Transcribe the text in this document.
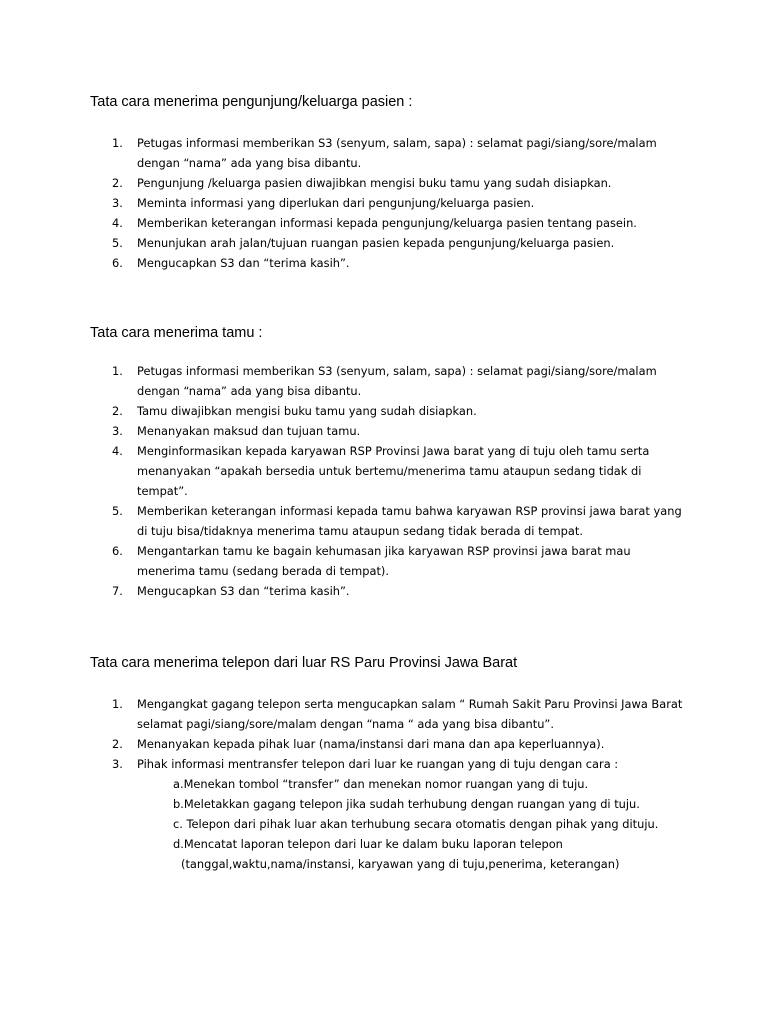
Tata cara menerima pengunjung/keluarga pasien :
1. Petugas informasi memberikan S3 (senyum, salam, sapa) : selamat pagi/siang/sore/malam
dengan “nama” ada yang bisa dibantu.
2. Pengunjung /keluarga pasien diwajibkan mengisi buku tamu yang sudah disiapkan.
3. Meminta informasi yang diperlukan dari pengunjung/keluarga pasien.
4. Memberikan keterangan informasi kepada pengunjung/keluarga pasien tentang pasein.
5. Menunjukan arah jalan/tujuan ruangan pasien kepada pengunjung/keluarga pasien.
6. Mengucapkan S3 dan “terima kasih”.
Tata cara menerima tamu :
1. Petugas informasi memberikan S3 (senyum, salam, sapa) : selamat pagi/siang/sore/malam
dengan “nama” ada yang bisa dibantu.
2. Tamu diwajibkan mengisi buku tamu yang sudah disiapkan.
3. Menanyakan maksud dan tujuan tamu.
4. Menginformasikan kepada karyawan RSP Provinsi Jawa barat yang di tuju oleh tamu serta
menanyakan “apakah bersedia untuk bertemu/menerima tamu ataupun sedang tidak di
tempat”.
5. Memberikan keterangan informasi kepada tamu bahwa karyawan RSP provinsi jawa barat yang
di tuju bisa/tidaknya menerima tamu ataupun sedang tidak berada di tempat.
6. Mengantarkan tamu ke bagain kehumasan jika karyawan RSP provinsi jawa barat mau
menerima tamu (sedang berada di tempat).
7. Mengucapkan S3 dan “terima kasih”.
Tata cara menerima telepon dari luar RS Paru Provinsi Jawa Barat
1. Mengangkat gagang telepon serta mengucapkan salam “ Rumah Sakit Paru Provinsi Jawa Barat
selamat pagi/siang/sore/malam dengan “nama “ ada yang bisa dibantu”.
2. Menanyakan kepada pihak luar (nama/instansi dari mana dan apa keperluannya).
3. Pihak informasi mentransfer telepon dari luar ke ruangan yang di tuju dengan cara :
a.Menekan tombol “transfer” dan menekan nomor ruangan yang di tuju.
b.Meletakkan gagang telepon jika sudah terhubung dengan ruangan yang di tuju.
c. Telepon dari pihak luar akan terhubung secara otomatis dengan pihak yang dituju.
d.Mencatat laporan telepon dari luar ke dalam buku laporan telepon
(tanggal,waktu,nama/instansi, karyawan yang di tuju,penerima, keterangan)
